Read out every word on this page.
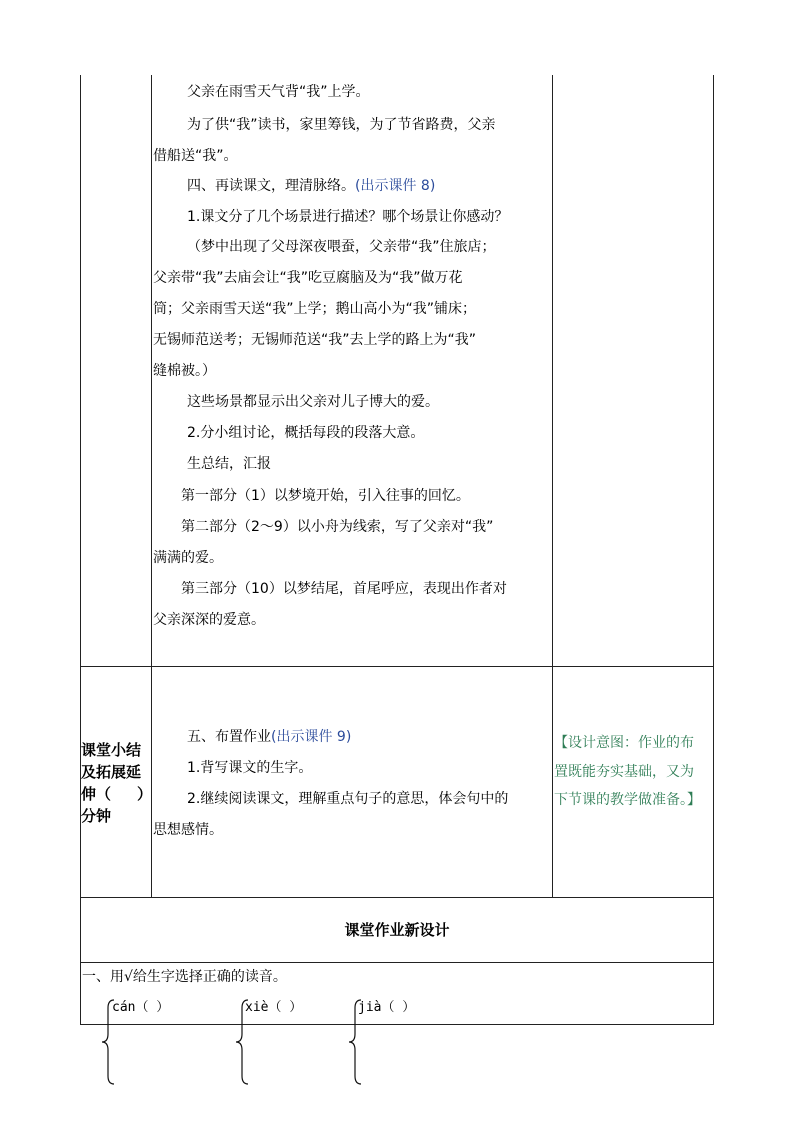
父亲在雨雪天气背“我”上学。
为了供“我”读书，家里筹钱，为了节省路费，父亲
借船送“我”。
四、再读课文，理清脉络。(出示课件 8)
1.课文分了几个场景进行描述？哪个场景让你感动？
（梦中出现了父母深夜喂蚕，父亲带“我”住旅店；
父亲带“我”去庙会让“我”吃豆腐脑及为“我”做万花
筒；父亲雨雪天送“我”上学；鹅山高小为“我”铺床；
无锡师范送考；无锡师范送“我”去上学的路上为“我”
缝棉被。）
这些场景都显示出父亲对儿子博大的爱。
2.分小组讨论，概括每段的段落大意。
生总结，汇报
第一部分（1）以梦境开始，引入往事的回忆。
第二部分（2～9）以小舟为线索，写了父亲对“我”
满满的爱。
第三部分（10）以梦结尾，首尾呼应，表现出作者对
父亲深深的爱意。
课堂小结
及拓展延
伸（ ）
分钟
五、布置作业(出示课件 9)
1.背写课文的生字。
2.继续阅读课文，理解重点句子的意思，体会句中的
思想感情。
【设计意图：作业的布
置既能夯实基础，又为
下节课的教学做准备。】
课堂作业新设计
一、用√给生字选择正确的读音。
cán（ ）	xiè（ ）	jià（ ）
